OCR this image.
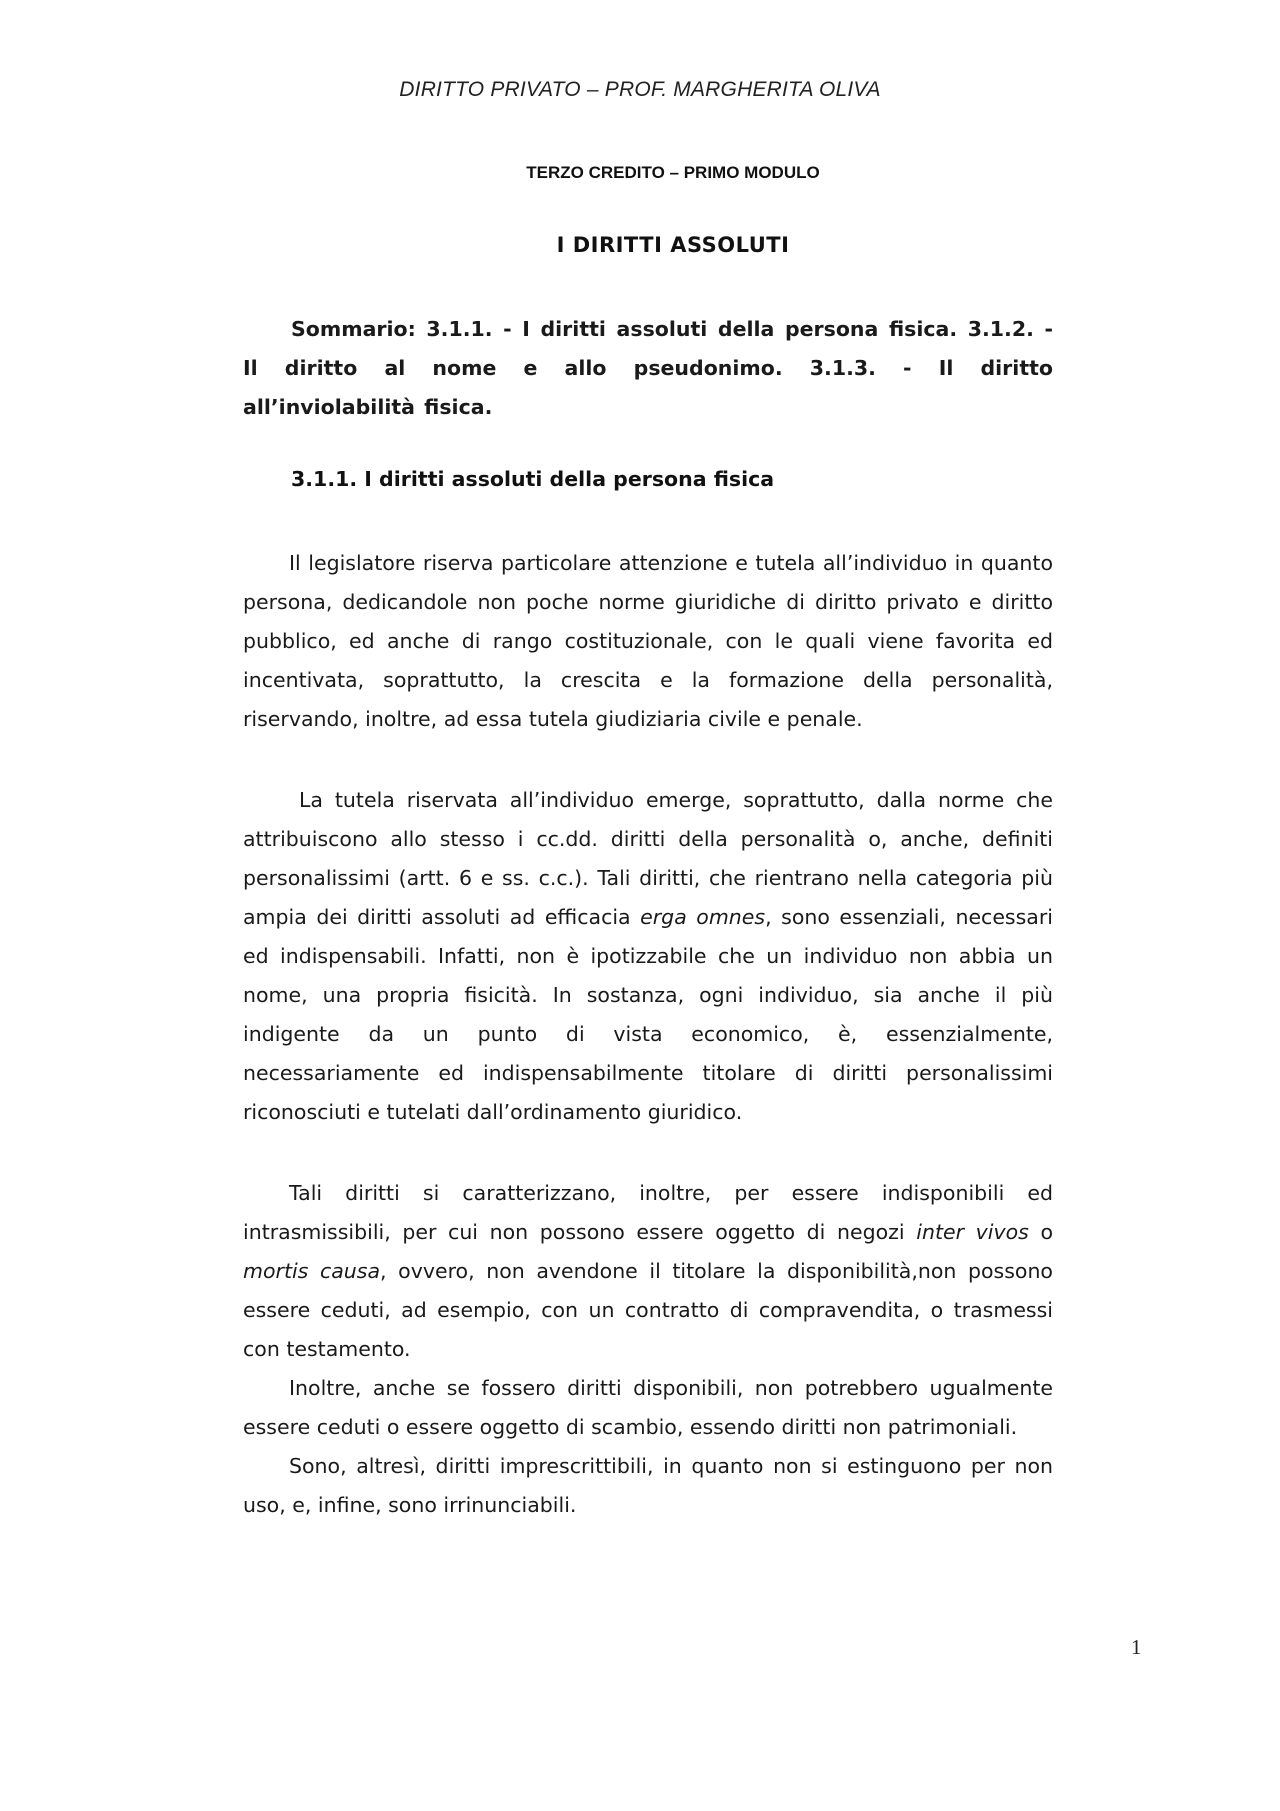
DIRITTO PRIVATO – PROF. MARGHERITA OLIVA
TERZO CREDITO – PRIMO MODULO
I DIRITTI ASSOLUTI

Sommario: 3.1.1. - I diritti assoluti della persona fisica. 3.1.2. - Il diritto al nome e allo pseudonimo. 3.1.3. - Il diritto all’inviolabilità fisica.

3.1.1. I diritti assoluti della persona fisica

Il legislatore riserva particolare attenzione e tutela all’individuo in quanto persona, dedicandole non poche norme giuridiche di diritto privato e diritto pubblico, ed anche di rango costituzionale, con le quali viene favorita ed incentivata, soprattutto, la crescita e la formazione della personalità, riservando, inoltre, ad essa tutela giudiziaria civile e penale.

La tutela riservata all’individuo emerge, soprattutto, dalla norme che attribuiscono allo stesso i cc.dd. diritti della personalità o, anche, definiti personalissimi (artt. 6 e ss. c.c.). Tali diritti, che rientrano nella categoria più ampia dei diritti assoluti ad efficacia erga omnes, sono essenziali, necessari ed indispensabili. Infatti, non è ipotizzabile che un individuo non abbia un nome, una propria fisicità. In sostanza, ogni individuo, sia anche il più indigente da un punto di vista economico, è, essenzialmente, necessariamente ed indispensabilmente titolare di diritti personalissimi riconosciuti e tutelati dall’ordinamento giuridico.

Tali diritti si caratterizzano, inoltre, per essere indisponibili ed intrasmissibili, per cui non possono essere oggetto di negozi inter vivos o mortis causa, ovvero, non avendone il titolare la disponibilità,non possono essere ceduti, ad esempio, con un contratto di compravendita, o trasmessi con testamento.

Inoltre, anche se fossero diritti disponibili, non potrebbero ugualmente essere ceduti o essere oggetto di scambio, essendo diritti non patrimoniali.

Sono, altresì, diritti imprescrittibili, in quanto non si estinguono per non uso, e, infine, sono irrinunciabili.

1
